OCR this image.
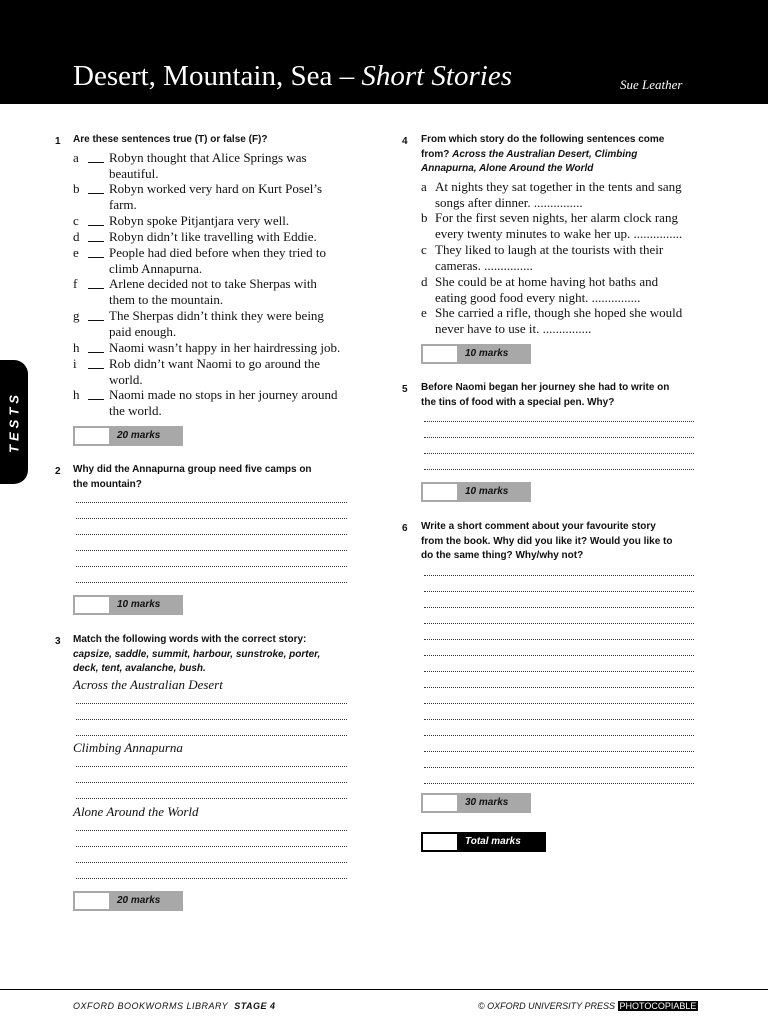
Desert, Mountain, Sea – Short Stories	Sue Leather
TESTS
1 Are these sentences true (T) or false (F)?
a	Robyn thought that Alice Springs was
beautiful.
b	Robyn worked very hard on Kurt Posel’s
farm.
c	Robyn spoke Pitjantjara very well.
d	Robyn didn’t like travelling with Eddie.
e	People had died before when they tried to
climb Annapurna.
f	Arlene decided not to take Sherpas with
them to the mountain.
g	The Sherpas didn’t think they were being
paid enough.
h	Naomi wasn’t happy in her hairdressing job.
i	Rob didn’t want Naomi to go around the
world.
h	Naomi made no stops in her journey around
the world.
20 marks
2 Why did the Annapurna group need five camps on
the mountain?
10 marks
3 Match the following words with the correct story:
capsize, saddle, summit, harbour, sunstroke, porter,
deck, tent, avalanche, bush.
Across the Australian Desert
Climbing Annapurna
Alone Around the World
20 marks
4 From which story do the following sentences come
from? Across the Australian Desert, Climbing
Annapurna, Alone Around the World
a At nights they sat together in the tents and sang
songs after dinner. ...............
b For the first seven nights, her alarm clock rang
every twenty minutes to wake her up. ...............
c They liked to laugh at the tourists with their
cameras. ...............
d She could be at home having hot baths and
eating good food every night. ...............
e She carried a rifle, though she hoped she would
never have to use it. ...............
10 marks
5 Before Naomi began her journey she had to write on
the tins of food with a special pen. Why?
10 marks
6 Write a short comment about your favourite story
from the book. Why did you like it? Would you like to
do the same thing? Why/why not?
30 marks
Total marks
OXFORD BOOKWORMS LIBRARY STAGE 4	© OXFORD UNIVERSITY PRESS PHOTOCOPIABLE
